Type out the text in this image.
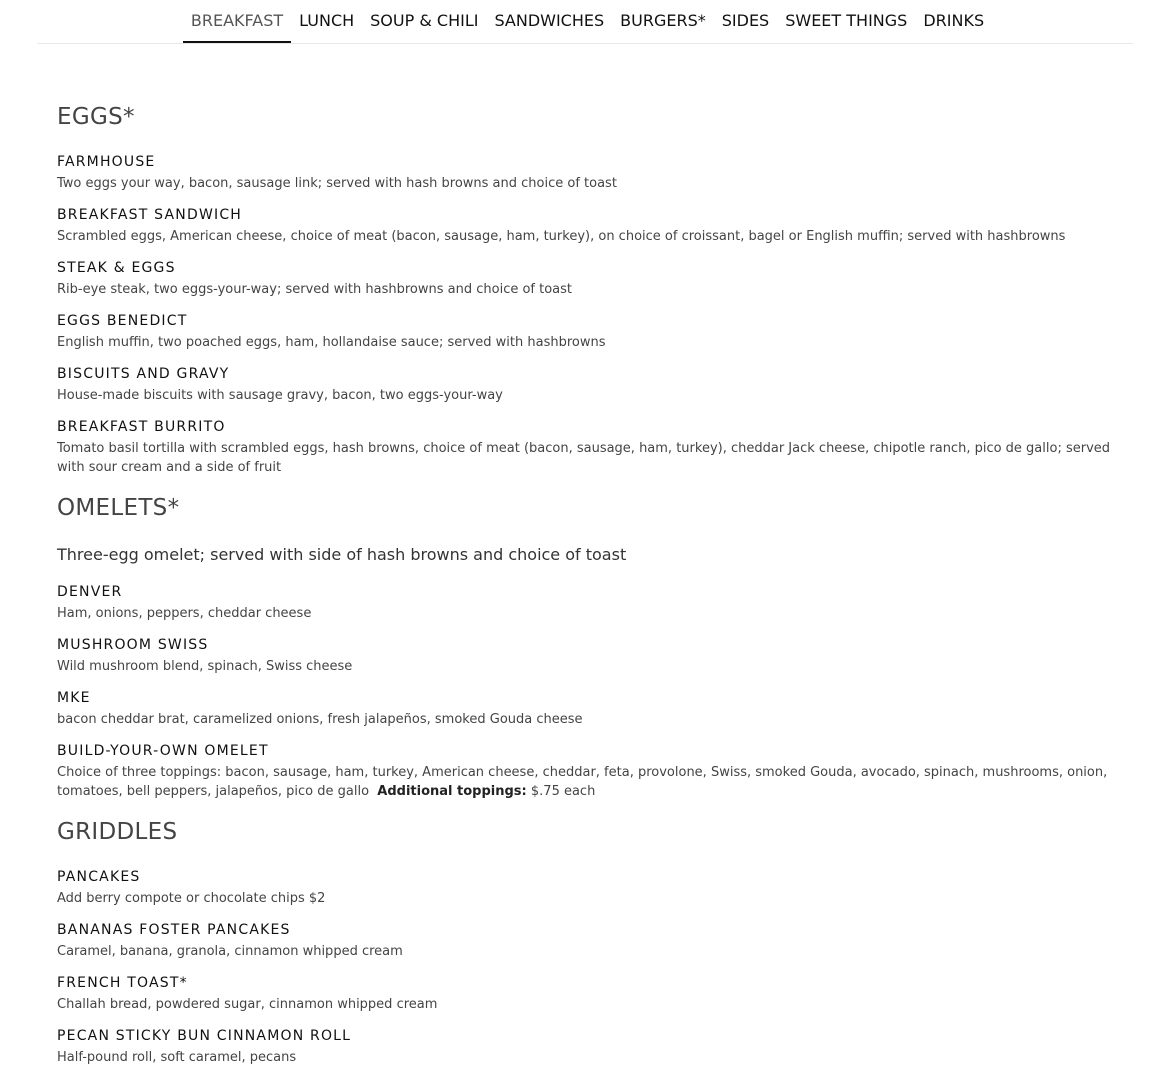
BREAKFAST	LUNCH	SOUP & CHILI	SANDWICHES	BURGERS*	SIDES	SWEET THINGS	DRINKS
EGGS*
FARMHOUSE
Two eggs your way, bacon, sausage link; served with hash browns and choice of toast
BREAKFAST SANDWICH
Scrambled eggs, American cheese, choice of meat (bacon, sausage, ham, turkey), on choice of croissant, bagel or English muffin; served with hashbrowns
STEAK & EGGS
Rib-eye steak, two eggs-your-way; served with hashbrowns and choice of toast
EGGS BENEDICT
English muffin, two poached eggs, ham, hollandaise sauce; served with hashbrowns
BISCUITS AND GRAVY
House-made biscuits with sausage gravy, bacon, two eggs-your-way
BREAKFAST BURRITO
Tomato basil tortilla with scrambled eggs, hash browns, choice of meat (bacon, sausage, ham, turkey), cheddar Jack cheese, chipotle ranch, pico de gallo; served with sour cream and a side of fruit
OMELETS*
Three-egg omelet; served with side of hash browns and choice of toast
DENVER
Ham, onions, peppers, cheddar cheese
MUSHROOM SWISS
Wild mushroom blend, spinach, Swiss cheese
MKE
bacon cheddar brat, caramelized onions, fresh jalapeños, smoked Gouda cheese
BUILD-YOUR-OWN OMELET
Choice of three toppings: bacon, sausage, ham, turkey, American cheese, cheddar, feta, provolone, Swiss, smoked Gouda, avocado, spinach, mushrooms, onion, tomatoes, bell peppers, jalapeños, pico de gallo Additional toppings: $.75 each
GRIDDLES
PANCAKES
Add berry compote or chocolate chips $2
BANANAS FOSTER PANCAKES
Caramel, banana, granola, cinnamon whipped cream
FRENCH TOAST*
Challah bread, powdered sugar, cinnamon whipped cream
PECAN STICKY BUN CINNAMON ROLL
Half-pound roll, soft caramel, pecans
